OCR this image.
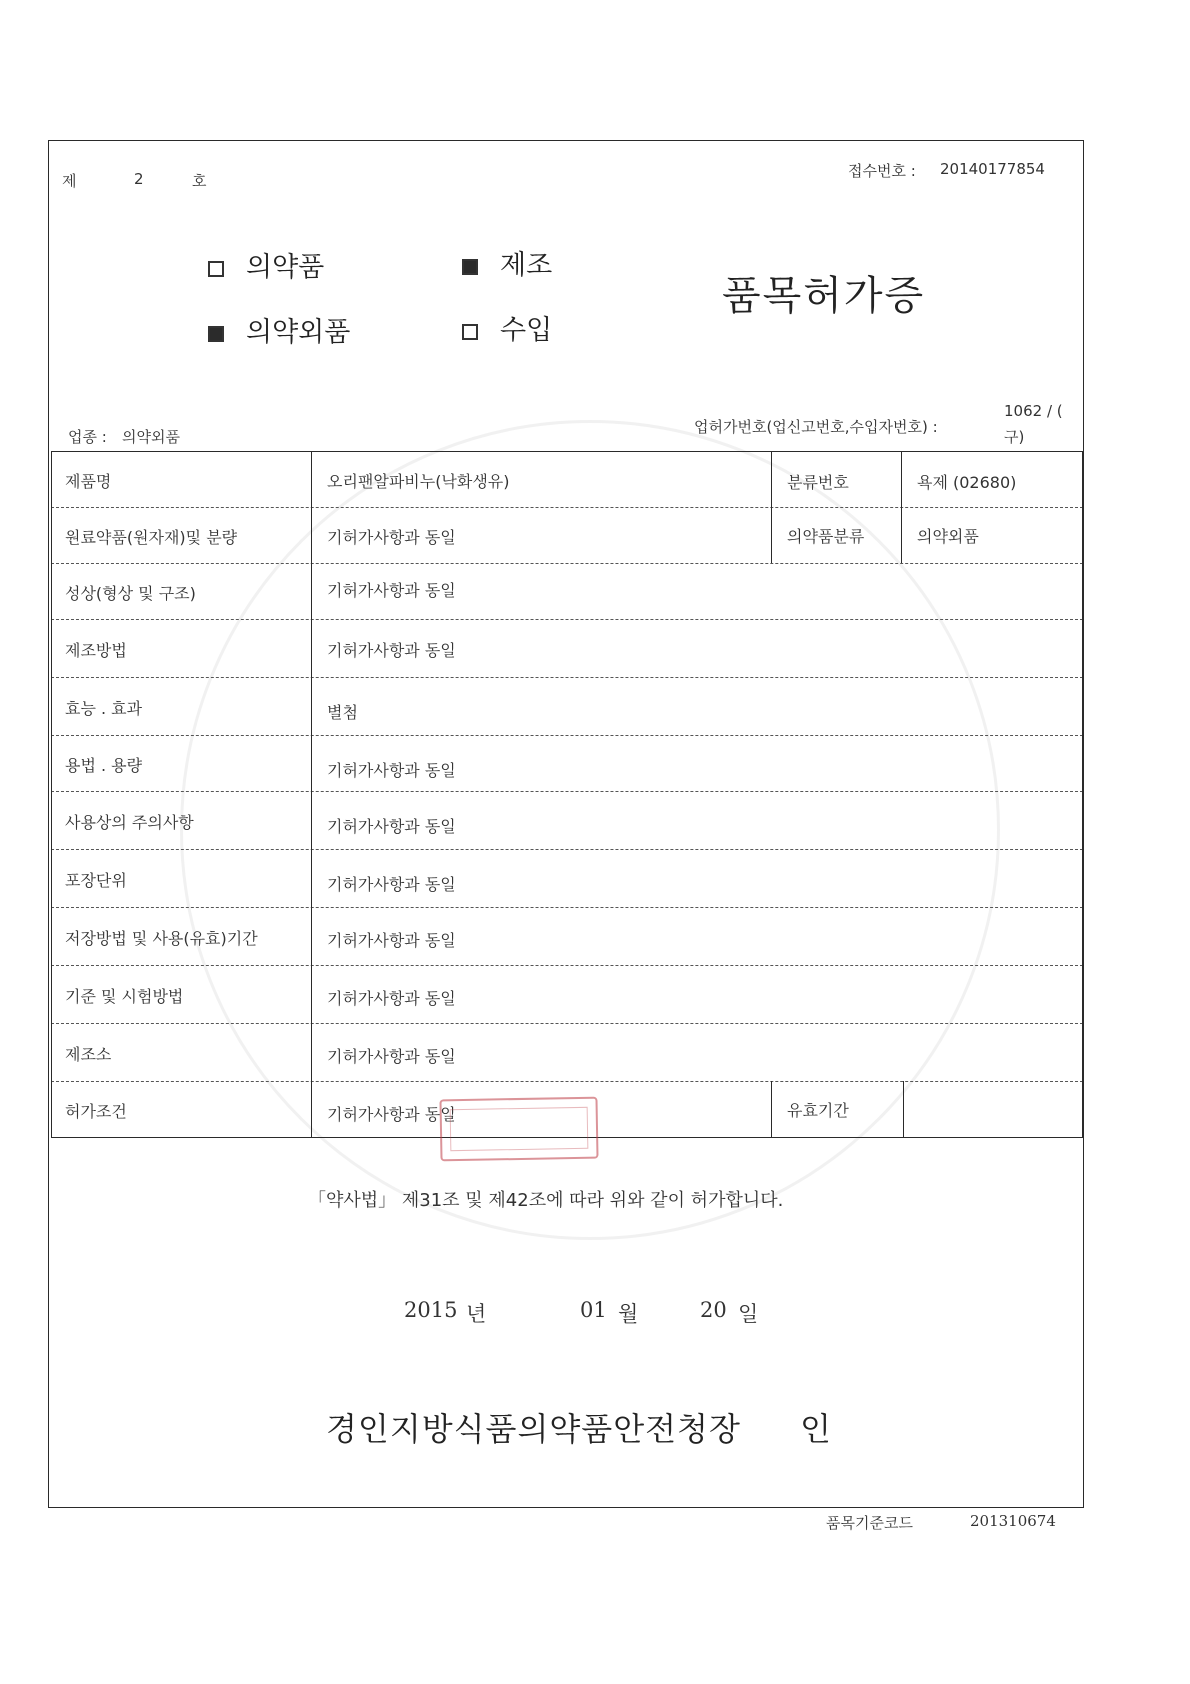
제	2	호
접수번호 : 20140177854
의약품
의약외품
제조
수입
품목허가증
업종 : 의약외품
업허가번호(업신고번호,수입자번호) :
1062 / (
구)
제품명	오리팬알파비누(낙화생유)	분류번호	욕제 (02680)
원료약품(원자재)및 분량	기허가사항과 동일	의약품분류	의약외품
성상(형상 및 구조)	기허가사항과 동일
제조방법	기허가사항과 동일
효능 . 효과	별첨
용법 . 용량	기허가사항과 동일
사용상의 주의사항	기허가사항과 동일
포장단위	기허가사항과 동일
저장방법 및 사용(유효)기간	기허가사항과 동일
기준 및 시험방법	기허가사항과 동일
제조소	기허가사항과 동일
허가조건	기허가사항과 동일	유효기간
「약사법」 제31조 및 제42조에 따라 위와 같이 허가합니다.
2015 년	01 월	20 일
경인지방식품의약품안전청장 인
품목기준코드	201310674
